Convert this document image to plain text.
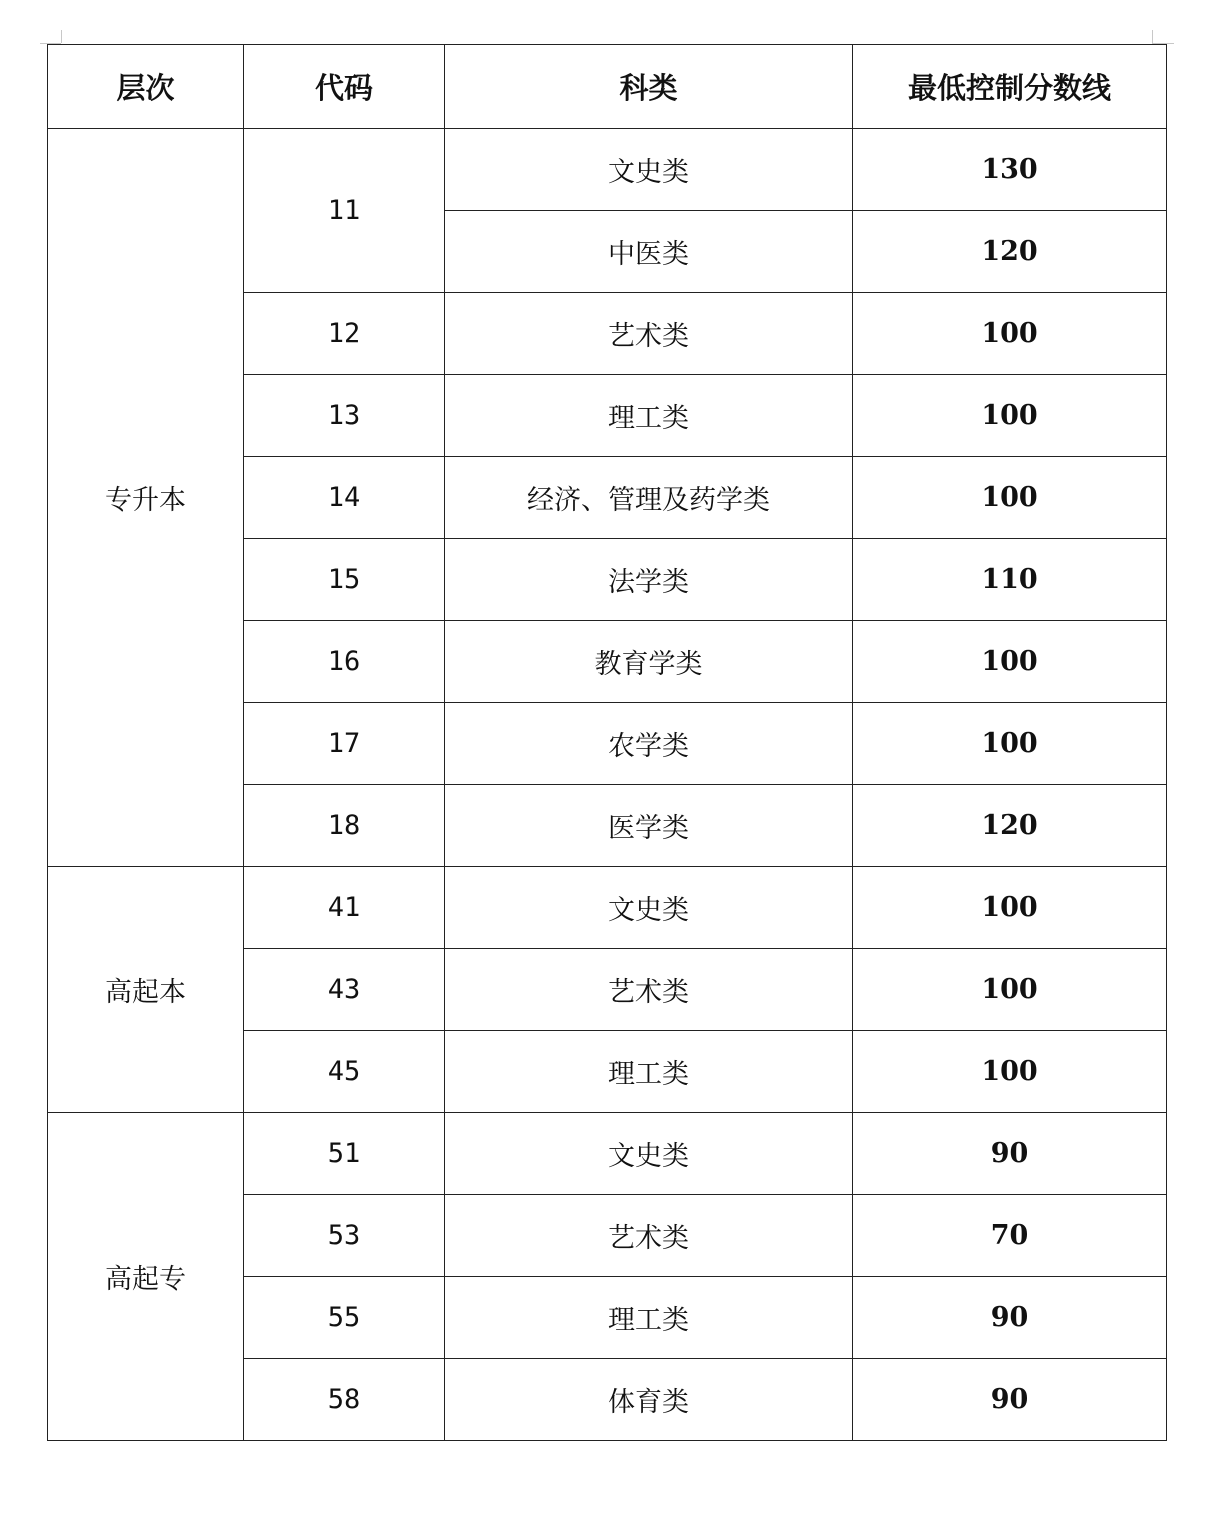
层次	代码	科类	最低控制分数线
专升本	11	文史类	130
		中医类	120
	12	艺术类	100
	13	理工类	100
	14	经济、管理及药学类	100
	15	法学类	110
	16	教育学类	100
	17	农学类	100
	18	医学类	120
高起本	41	文史类	100
	43	艺术类	100
	45	理工类	100
高起专	51	文史类	90
	53	艺术类	70
	55	理工类	90
	58	体育类	90
